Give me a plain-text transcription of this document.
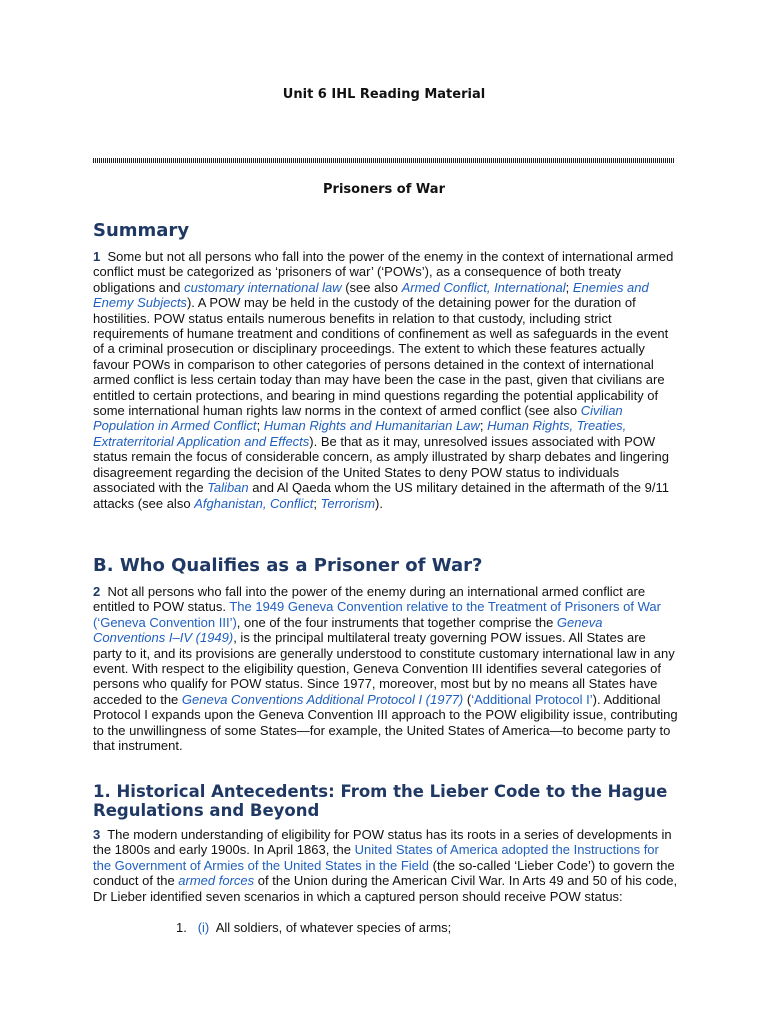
Unit 6 IHL Reading Material
Prisoners of War
Summary

1 Some but not all persons who fall into the power of the enemy in the context of international armed conflict must be categorized as ‘prisoners of war’ (‘POWs’), as a consequence of both treaty obligations and customary international law (see also Armed Conflict, International; Enemies and Enemy Subjects). A POW may be held in the custody of the detaining power for the duration of hostilities. POW status entails numerous benefits in relation to that custody, including strict requirements of humane treatment and conditions of confinement as well as safeguards in the event of a criminal prosecution or disciplinary proceedings. The extent to which these features actually favour POWs in comparison to other categories of persons detained in the context of international armed conflict is less certain today than may have been the case in the past, given that civilians are entitled to certain protections, and bearing in mind questions regarding the potential applicability of some international human rights law norms in the context of armed conflict (see also Civilian Population in Armed Conflict; Human Rights and Humanitarian Law; Human Rights, Treaties, Extraterritorial Application and Effects). Be that as it may, unresolved issues associated with POW status remain the focus of considerable concern, as amply illustrated by sharp debates and lingering disagreement regarding the decision of the United States to deny POW status to individuals associated with the Taliban and Al Qaeda whom the US military detained in the aftermath of the 9/11 attacks (see also Afghanistan, Conflict; Terrorism).

B. Who Qualifies as a Prisoner of War?

2 Not all persons who fall into the power of the enemy during an international armed conflict are entitled to POW status. The 1949 Geneva Convention relative to the Treatment of Prisoners of War (‘Geneva Convention III’), one of the four instruments that together comprise the Geneva Conventions I–IV (1949), is the principal multilateral treaty governing POW issues. All States are party to it, and its provisions are generally understood to constitute customary international law in any event. With respect to the eligibility question, Geneva Convention III identifies several categories of persons who qualify for POW status. Since 1977, moreover, most but by no means all States have acceded to the Geneva Conventions Additional Protocol I (1977) (‘Additional Protocol I’). Additional Protocol I expands upon the Geneva Convention III approach to the POW eligibility issue, contributing to the unwillingness of some States—for example, the United States of America—to become party to that instrument.

1. Historical Antecedents: From the Lieber Code to the Hague Regulations and Beyond

3 The modern understanding of eligibility for POW status has its roots in a series of developments in the 1800s and early 1900s. In April 1863, the United States of America adopted the Instructions for the Government of Armies of the United States in the Field (the so-called ‘Lieber Code’) to govern the conduct of the armed forces of the Union during the American Civil War. In Arts 49 and 50 of his code, Dr Lieber identified seven scenarios in which a captured person should receive POW status:

1. (i) All soldiers, of whatever species of arms;
